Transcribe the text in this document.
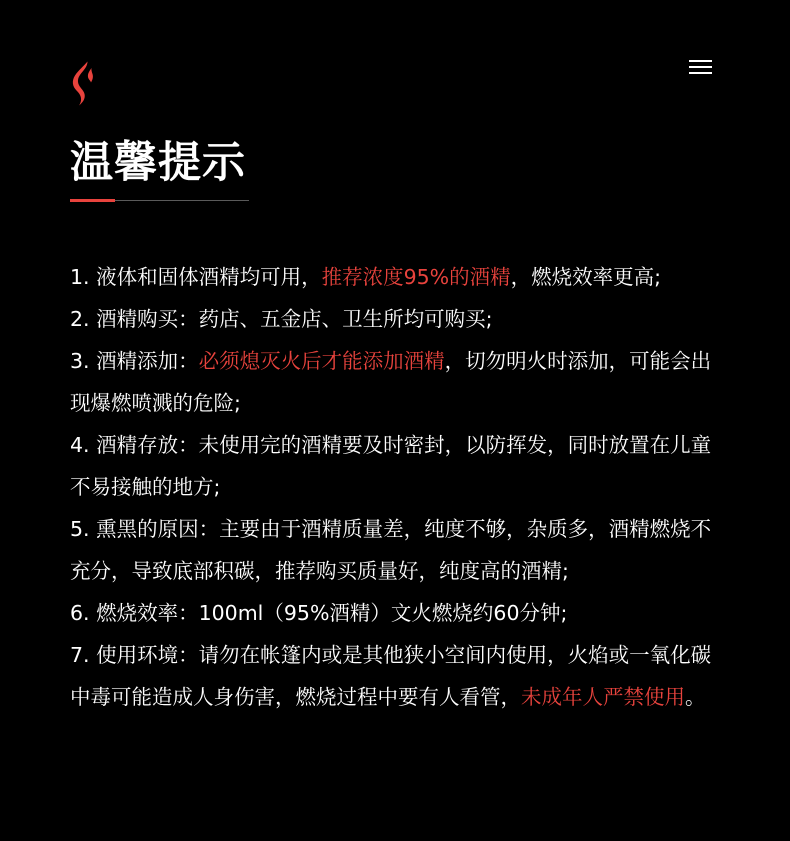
温馨提示
1. 液体和固体酒精均可用，推荐浓度95%的酒精，燃烧效率更高;
2. 酒精购买：药店、五金店、卫生所均可购买;
3. 酒精添加：必须熄灭火后才能添加酒精，切勿明火时添加，可能会出现爆燃喷溅的危险;
4. 酒精存放：未使用完的酒精要及时密封，以防挥发，同时放置在儿童不易接触的地方;
5. 熏黑的原因：主要由于酒精质量差，纯度不够，杂质多，酒精燃烧不充分，导致底部积碳，推荐购买质量好，纯度高的酒精;
6. 燃烧效率：100ml（95%酒精）文火燃烧约60分钟;
7. 使用环境：请勿在帐篷内或是其他狭小空间内使用，火焰或一氧化碳中毒可能造成人身伤害，燃烧过程中要有人看管，未成年人严禁使用。
